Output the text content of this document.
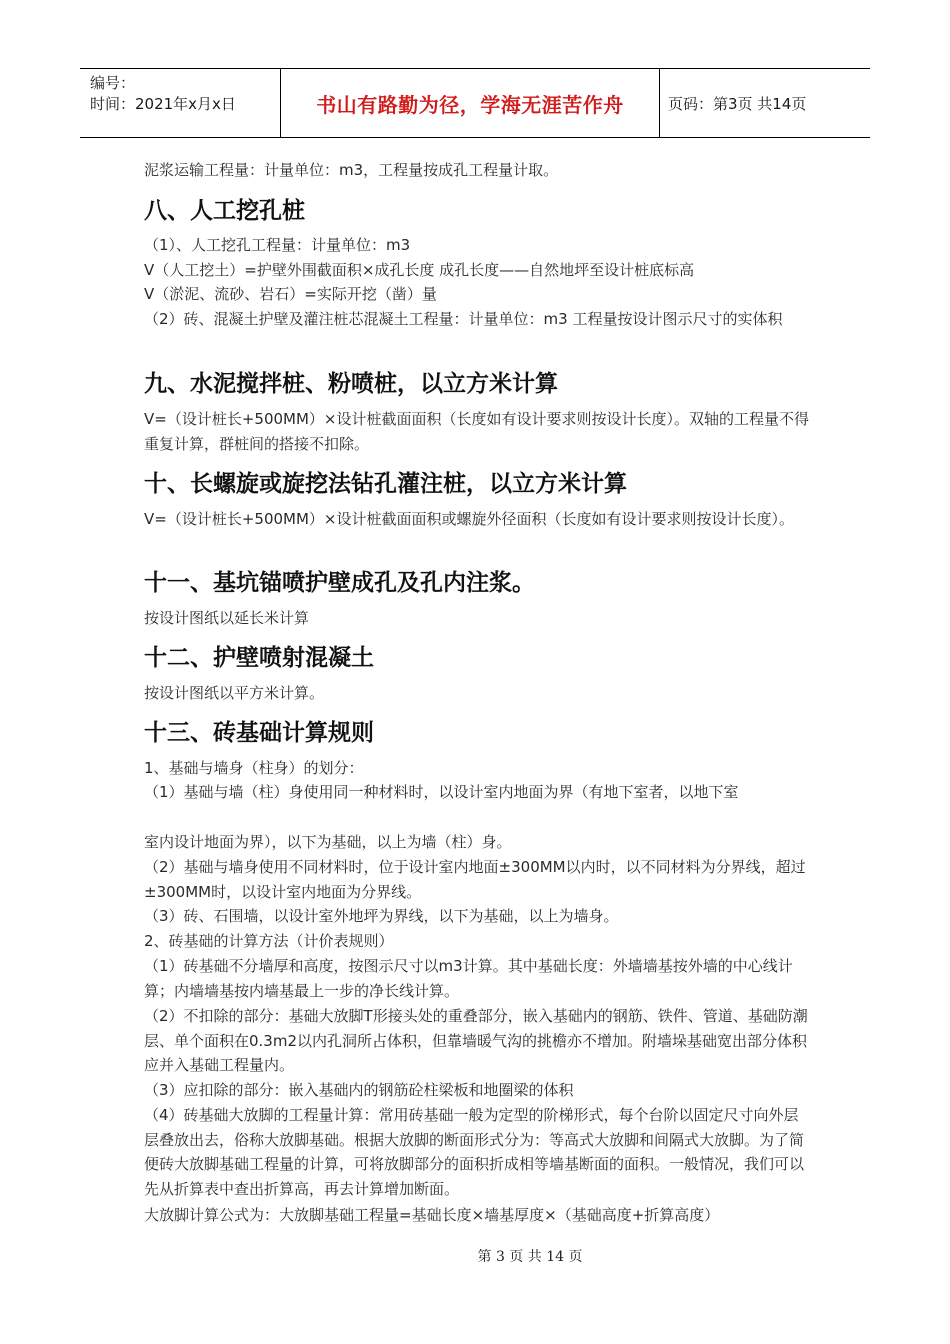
编号：
时间：2021年x月x日	书山有路勤为径，学海无涯苦作舟	页码：第3页 共14页
泥浆运输工程量：计量单位：m3，工程量按成孔工程量计取。
八、人工挖孔桩
（1）、人工挖孔工程量：计量单位：m3
V（人工挖土）=护壁外围截面积×成孔长度 成孔长度——自然地坪至设计桩底标高
V（淤泥、流砂、岩石）=实际开挖（凿）量
（2）砖、混凝土护壁及灌注桩芯混凝土工程量：计量单位：m3 工程量按设计图示尺寸的实体积
九、水泥搅拌桩、粉喷桩，以立方米计算
V=（设计桩长+500MM）×设计桩截面面积（长度如有设计要求则按设计长度）。双轴的工程量不得重复计算，群桩间的搭接不扣除。
十、长螺旋或旋挖法钻孔灌注桩，以立方米计算
V=（设计桩长+500MM）×设计桩截面面积或螺旋外径面积（长度如有设计要求则按设计长度）。
十一、基坑锚喷护壁成孔及孔内注浆。
按设计图纸以延长米计算
十二、护壁喷射混凝土
按设计图纸以平方米计算。
十三、砖基础计算规则
1、基础与墙身（柱身）的划分：
（1）基础与墙（柱）身使用同一种材料时，以设计室内地面为界（有地下室者，以地下室
室内设计地面为界），以下为基础，以上为墙（柱）身。
（2）基础与墙身使用不同材料时，位于设计室内地面±300MM以内时，以不同材料为分界线，超过±300MM时，以设计室内地面为分界线。
（3）砖、石围墙，以设计室外地坪为界线，以下为基础，以上为墙身。
2、砖基础的计算方法（计价表规则）
（1）砖基础不分墙厚和高度，按图示尺寸以m3计算。其中基础长度：外墙墙基按外墙的中心线计算；内墙墙基按内墙基最上一步的净长线计算。
（2）不扣除的部分：基础大放脚T形接头处的重叠部分，嵌入基础内的钢筋、铁件、管道、基础防潮层、单个面积在0.3m2以内孔洞所占体积，但靠墙暖气沟的挑檐亦不增加。附墙垛基础宽出部分体积应并入基础工程量内。
（3）应扣除的部分：嵌入基础内的钢筋砼柱梁板和地圈梁的体积
（4）砖基础大放脚的工程量计算：常用砖基础一般为定型的阶梯形式，每个台阶以固定尺寸向外层层叠放出去，俗称大放脚基础。根据大放脚的断面形式分为：等高式大放脚和间隔式大放脚。为了简便砖大放脚基础工程量的计算，可将放脚部分的面积折成相等墙基断面的面积。一般情况，我们可以先从折算表中查出折算高，再去计算增加断面。
大放脚计算公式为：大放脚基础工程量=基础长度×墙基厚度×（基础高度+折算高度）
第 3 页 共 14 页
